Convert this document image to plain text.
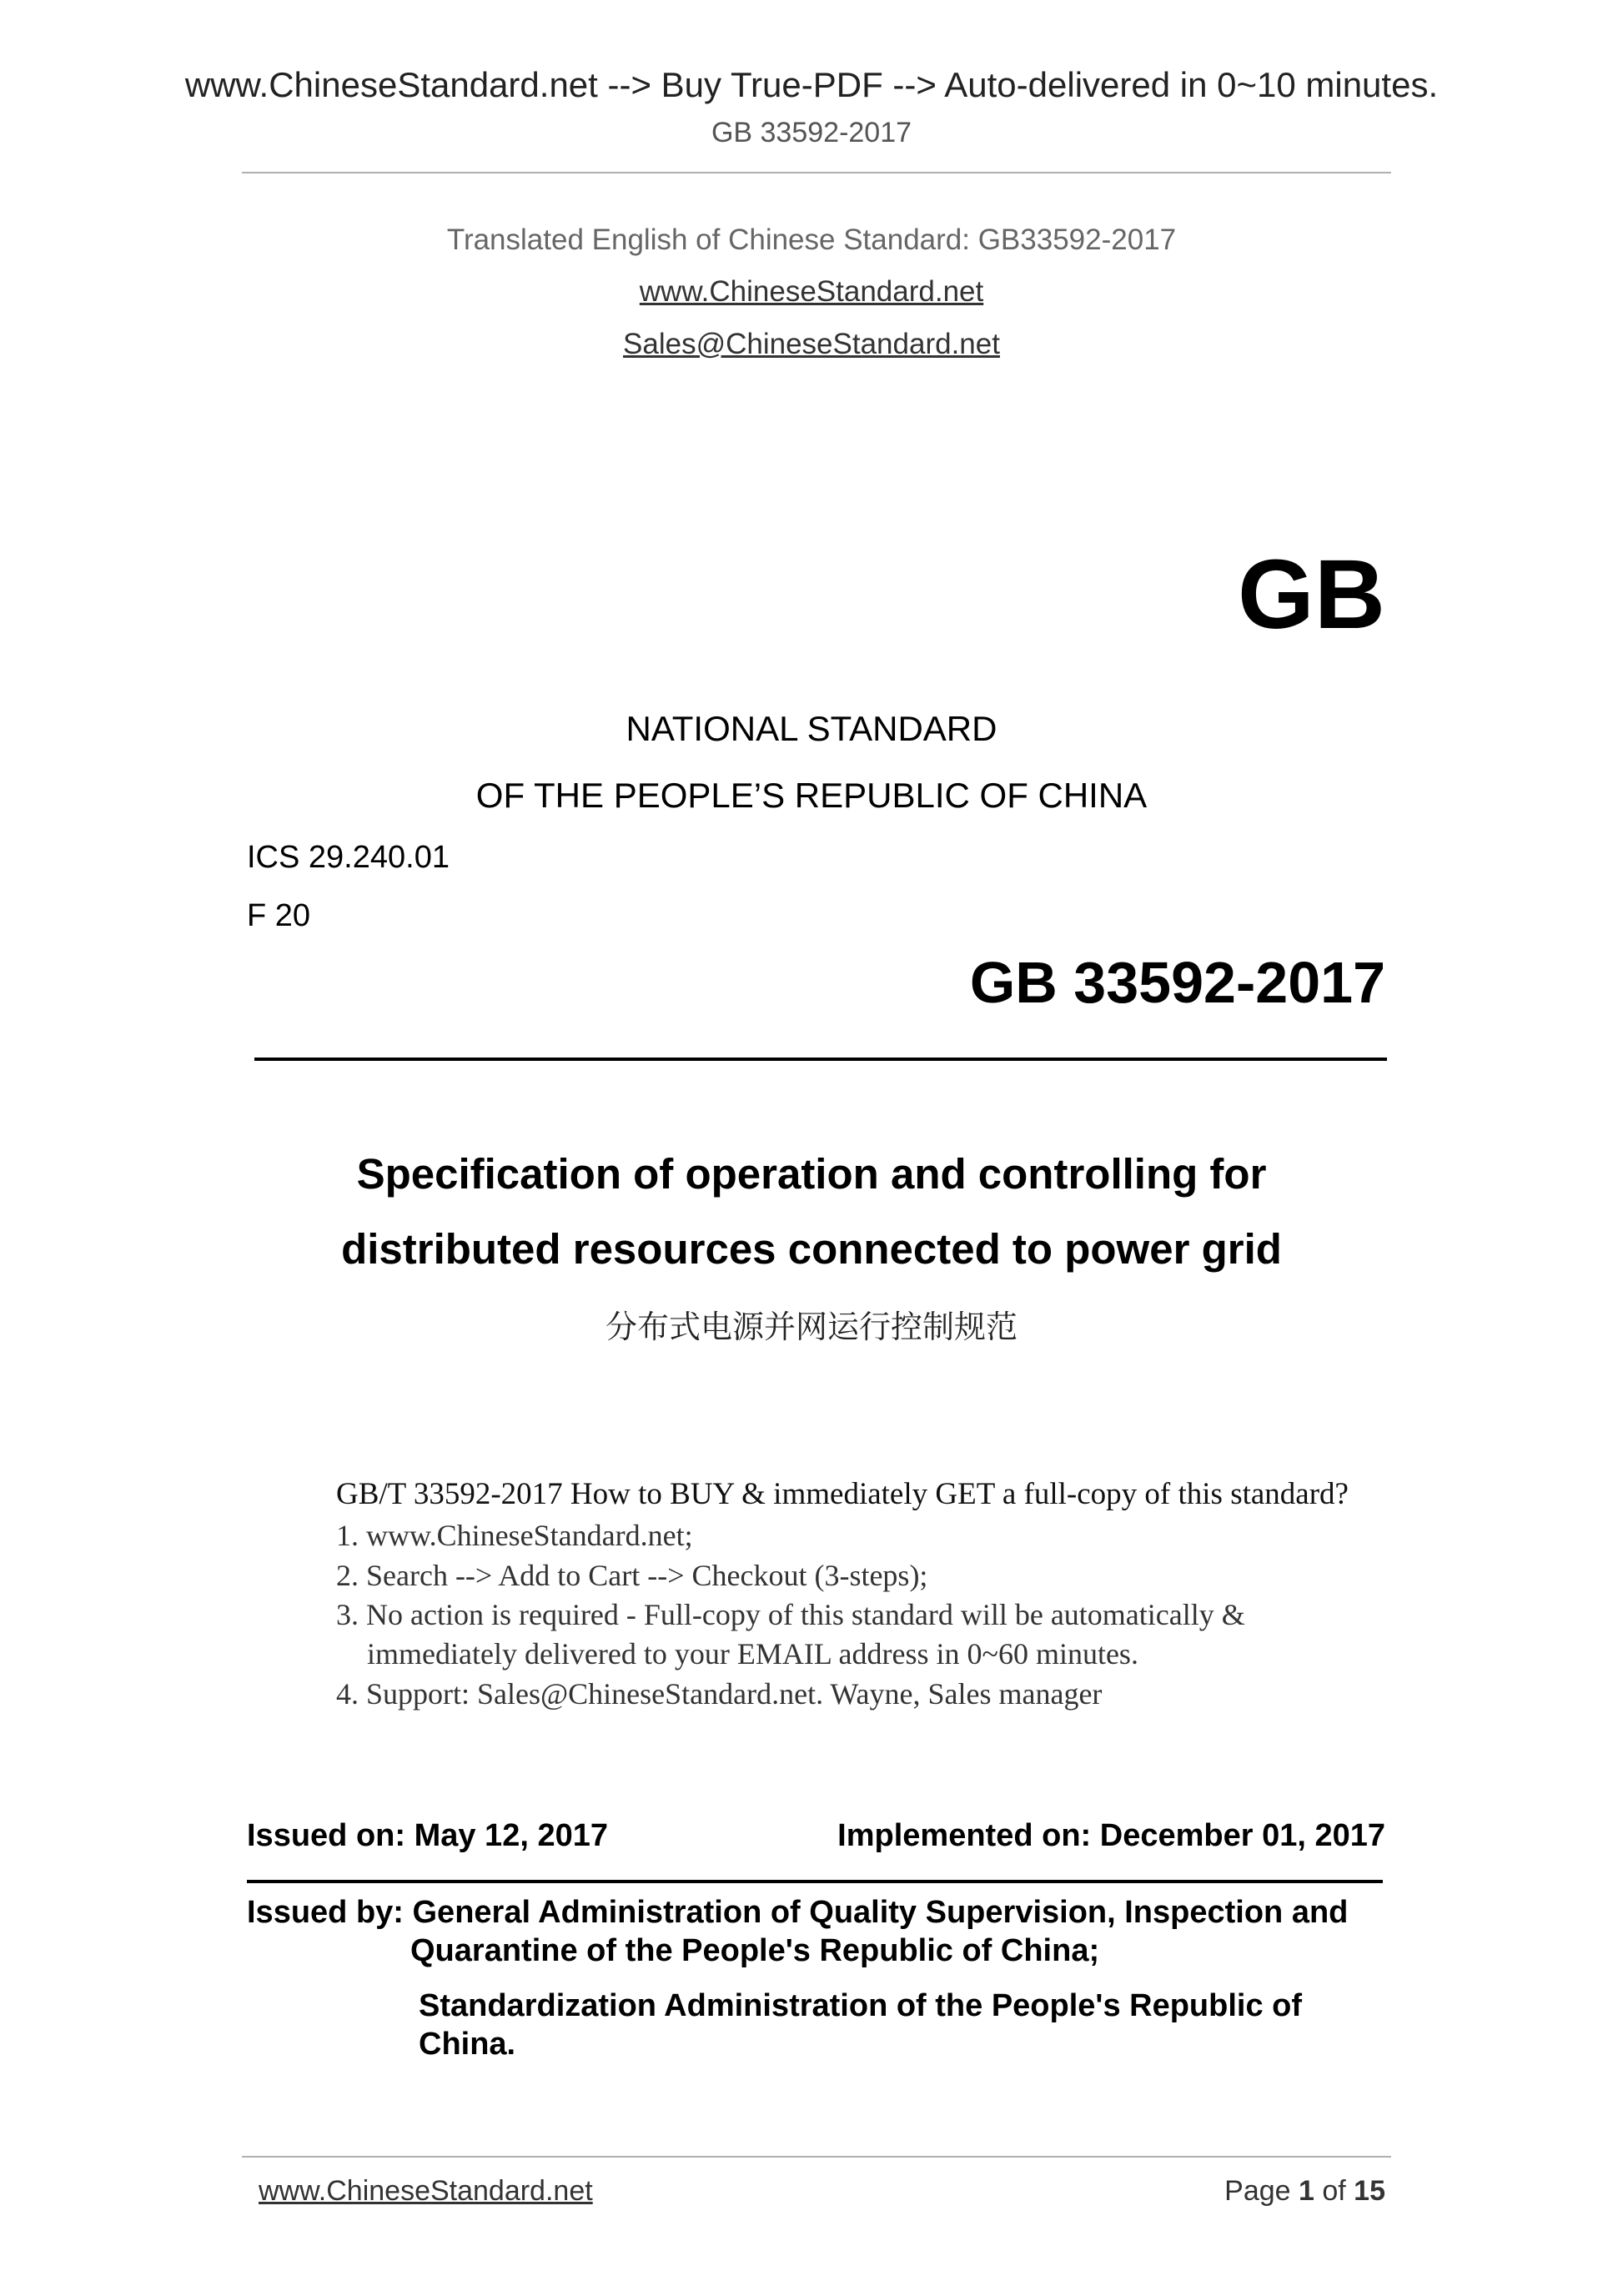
www.ChineseStandard.net --> Buy True-PDF --> Auto-delivered in 0~10 minutes.
GB 33592-2017
Translated English of Chinese Standard: GB33592-2017
www.ChineseStandard.net
Sales@ChineseStandard.net
GB
NATIONAL STANDARD
OF THE PEOPLE’S REPUBLIC OF CHINA
ICS 29.240.01
F 20
GB 33592-2017
Specification of operation and controlling for
distributed resources connected to power grid
分布式电源并网运行控制规范
GB/T 33592-2017 How to BUY & immediately GET a full-copy of this standard?
1. www.ChineseStandard.net;
2. Search --> Add to Cart --> Checkout (3-steps);
3. No action is required - Full-copy of this standard will be automatically &
immediately delivered to your EMAIL address in 0~60 minutes.
4. Support: Sales@ChineseStandard.net. Wayne, Sales manager
Issued on: May 12, 2017	Implemented on: December 01, 2017
Issued by: General Administration of Quality Supervision, Inspection and
Quarantine of the People's Republic of China;
Standardization Administration of the People's Republic of
China.
www.ChineseStandard.net	Page 1 of 15
